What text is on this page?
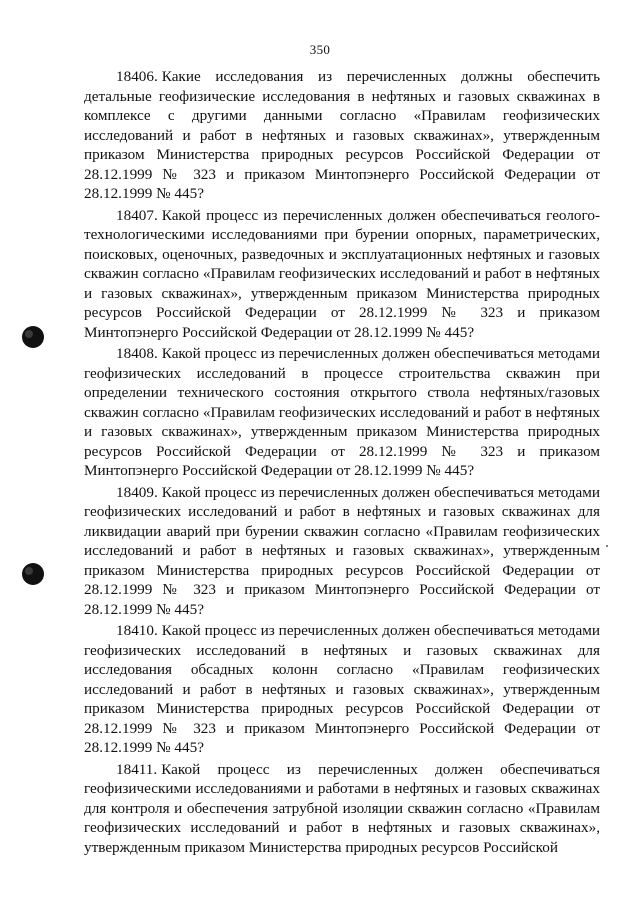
350

18406. Какие исследования из перечисленных должны обеспечить детальные геофизические исследования в нефтяных и газовых скважинах в комплексе с другими данными согласно «Правилам геофизических исследований и работ в нефтяных и газовых скважинах», утвержденным приказом Министерства природных ресурсов Российской Федерации от 28.12.1999 № 323 и приказом Минтопэнерго Российской Федерации от 28.12.1999 № 445?

18407. Какой процесс из перечисленных должен обеспечиваться геолого-технологическими исследованиями при бурении опорных, параметрических, поисковых, оценочных, разведочных и эксплуатационных нефтяных и газовых скважин согласно «Правилам геофизических исследований и работ в нефтяных и газовых скважинах», утвержденным приказом Министерства природных ресурсов Российской Федерации от 28.12.1999 № 323 и приказом Минтопэнерго Российской Федерации от 28.12.1999 № 445?

18408. Какой процесс из перечисленных должен обеспечиваться методами геофизических исследований в процессе строительства скважин при определении технического состояния открытого ствола нефтяных/газовых скважин согласно «Правилам геофизических исследований и работ в нефтяных и газовых скважинах», утвержденным приказом Министерства природных ресурсов Российской Федерации от 28.12.1999 № 323 и приказом Минтопэнерго Российской Федерации от 28.12.1999 № 445?

18409. Какой процесс из перечисленных должен обеспечиваться методами геофизических исследований и работ в нефтяных и газовых скважинах для ликвидации аварий при бурении скважин согласно «Правилам геофизических исследований и работ в нефтяных и газовых скважинах», утвержденным приказом Министерства природных ресурсов Российской Федерации от 28.12.1999 № 323 и приказом Минтопэнерго Российской Федерации от 28.12.1999 № 445?

18410. Какой процесс из перечисленных должен обеспечиваться методами геофизических исследований в нефтяных и газовых скважинах для исследования обсадных колонн согласно «Правилам геофизических исследований и работ в нефтяных и газовых скважинах», утвержденным приказом Министерства природных ресурсов Российской Федерации от 28.12.1999 № 323 и приказом Минтопэнерго Российской Федерации от 28.12.1999 № 445?

18411. Какой процесс из перечисленных должен обеспечиваться геофизическими исследованиями и работами в нефтяных и газовых скважинах для контроля и обеспечения затрубной изоляции скважин согласно «Правилам геофизических исследований и работ в нефтяных и газовых скважинах», утвержденным приказом Министерства природных ресурсов Российской
